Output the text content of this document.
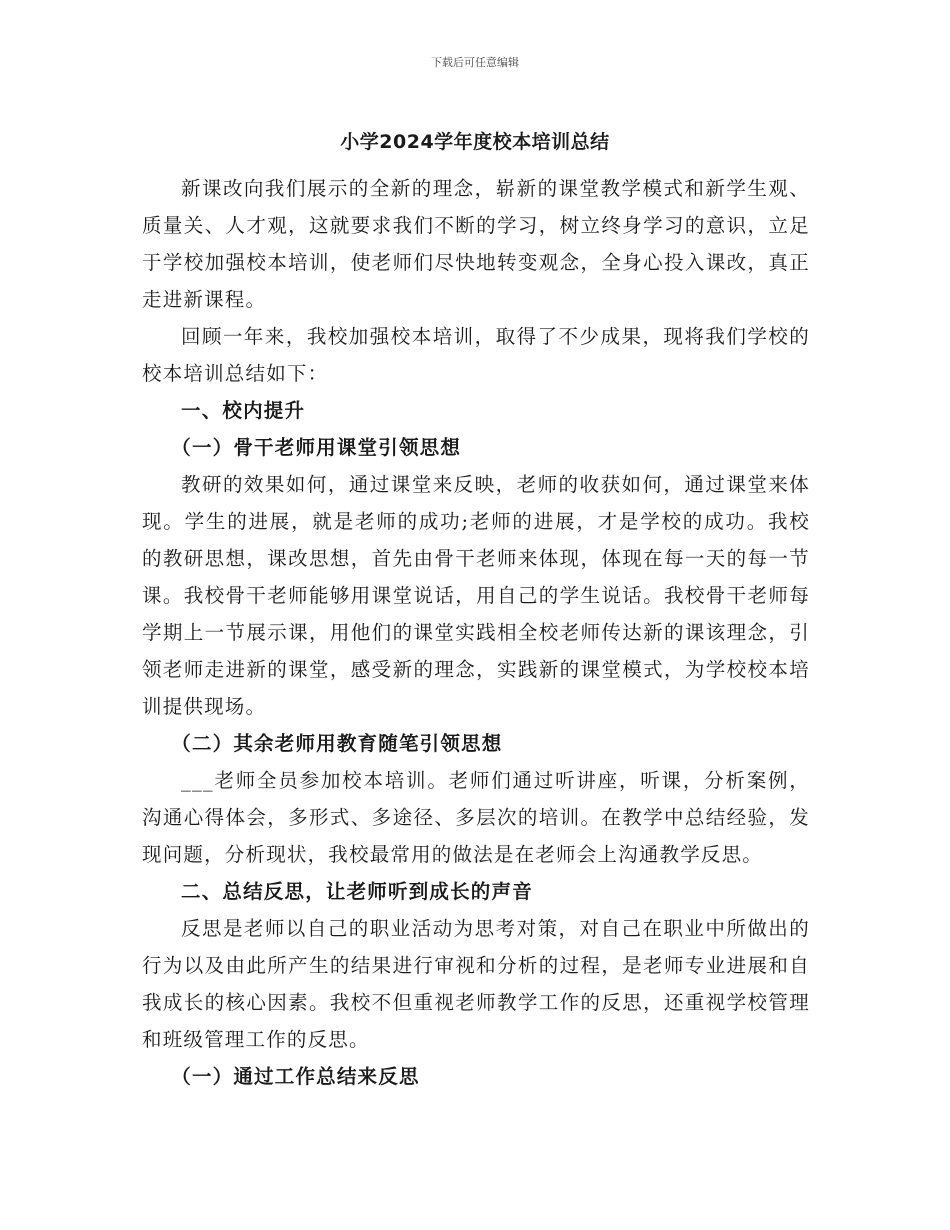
下载后可任意编辑
小学2024学年度校本培训总结

新课改向我们展示的全新的理念，崭新的课堂教学模式和新学生观、质量关、人才观，这就要求我们不断的学习，树立终身学习的意识，立足于学校加强校本培训，使老师们尽快地转变观念，全身心投入课改，真正走进新课程。

回顾一年来，我校加强校本培训，取得了不少成果，现将我们学校的校本培训总结如下：

一、校内提升

（一）骨干老师用课堂引领思想

教研的效果如何，通过课堂来反映，老师的收获如何，通过课堂来体现。学生的进展，就是老师的成功;老师的进展，才是学校的成功。我校的教研思想，课改思想，首先由骨干老师来体现，体现在每一天的每一节课。我校骨干老师能够用课堂说话，用自己的学生说话。我校骨干老师每学期上一节展示课，用他们的课堂实践相全校老师传达新的课该理念，引领老师走进新的课堂，感受新的理念，实践新的课堂模式，为学校校本培训提供现场。

（二）其余老师用教育随笔引领思想

___老师全员参加校本培训。老师们通过听讲座，听课，分析案例，沟通心得体会，多形式、多途径、多层次的培训。在教学中总结经验，发现问题，分析现状，我校最常用的做法是在老师会上沟通教学反思。

二、总结反思，让老师听到成长的声音

反思是老师以自己的职业活动为思考对策，对自己在职业中所做出的行为以及由此所产生的结果进行审视和分析的过程，是老师专业进展和自我成长的核心因素。我校不但重视老师教学工作的反思，还重视学校管理和班级管理工作的反思。

（一）通过工作总结来反思
